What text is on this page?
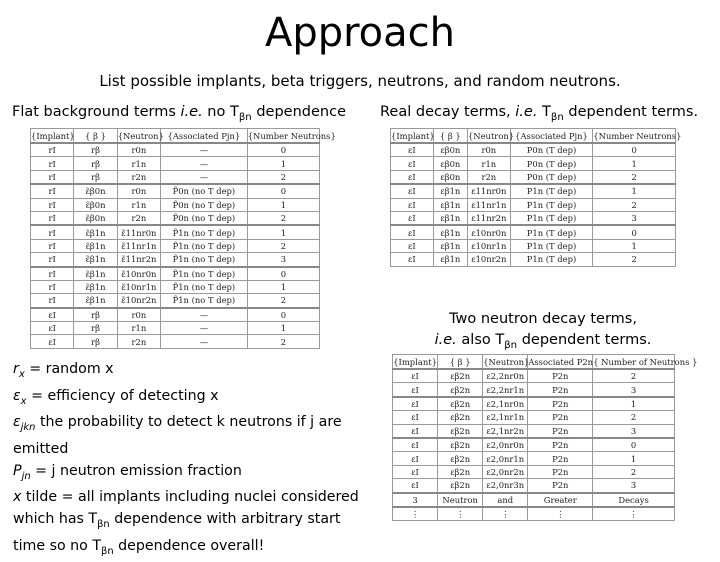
Approach
List possible implants, beta triggers, neutrons, and random neutrons.
Flat background terms i.e. no $T_{\beta n}$ dependence Real decay terms, i.e. $T_{\beta n}$ dependent terms.
Two neutron decay terms,
i.e. also $T_{\beta n}$ dependent terms.
{Implant}	{ β }	{Neutron}	{Associated Pjn}	{Number Neutrons}
rI	rβ	r0n	—	0
rI	rβ	r1n	—	1
rI	rβ	r2n	—	2
rI	ε̃β0n	r0n	P̃0n (no T dep)	0
rI	ε̃β0n	r1n	P̃0n (no T dep)	1
rI	ε̃β0n	r2n	P̃0n (no T dep)	2
rI	ε̃β1n	ε̃11nr0n	P̃1n (no T dep)	1
rI	ε̃β1n	ε̃11nr1n	P̃1n (no T dep)	2
rI	ε̃β1n	ε̃11nr2n	P̃1n (no T dep)	3
rI	ε̃β1n	ε̃10nr0n	P̃1n (no T dep)	0
rI	ε̃β1n	ε̃10nr1n	P̃1n (no T dep)	1
rI	ε̃β1n	ε̃10nr2n	P̃1n (no T dep)	2
εI	rβ	r0n	—	0
εI	rβ	r1n	—	1
εI	rβ	r2n	—	2
{Implant}	{ β }	{Neutron}	{Associated Pjn}	{Number Neutrons}
εI	εβ0n	r0n	P0n (T dep)	0
εI	εβ0n	r1n	P0n (T dep)	1
εI	εβ0n	r2n	P0n (T dep)	2
εI	εβ1n	ε11nr0n	P1n (T dep)	1
εI	εβ1n	ε11nr1n	P1n (T dep)	2
εI	εβ1n	ε11nr2n	P1n (T dep)	3
εI	εβ1n	ε10nr0n	P1n (T dep)	0
εI	εβ1n	ε10nr1n	P1n (T dep)	1
εI	εβ1n	ε10nr2n	P1n (T dep)	2
{Implant}	{ β }	{Neutron}	Associated P2n	{ Number of Neutrons }
εI	εβ2n	ε2,2nr0n	P2n	2
εI	εβ2n	ε2,2nr1n	P2n	3
εI	εβ2n	ε2,1nr0n	P2n	1
εI	εβ2n	ε2,1nr1n	P2n	2
εI	εβ2n	ε2,1nr2n	P2n	3
εI	εβ2n	ε2,0nr0n	P2n	0
εI	εβ2n	ε2,0nr1n	P2n	1
εI	εβ2n	ε2,0nr2n	P2n	2
εI	εβ2n	ε2,0nr3n	P2n	3
3	Neutron	and	Greater	Decays
⋮	⋮	⋮	⋮	⋮
$r_x$ = random x
$\varepsilon_x$ = efficiency of detecting x
$\varepsilon_{jkn}$ the probability to detect k neutrons if j are
emitted
$P_{jn} = j$ neutron emission fraction
x tilde = all implants including nuclei considered
which has $T_{\beta n}$ dependence with arbitrary start
time so no $T_{\beta n}$ dependence overall!
